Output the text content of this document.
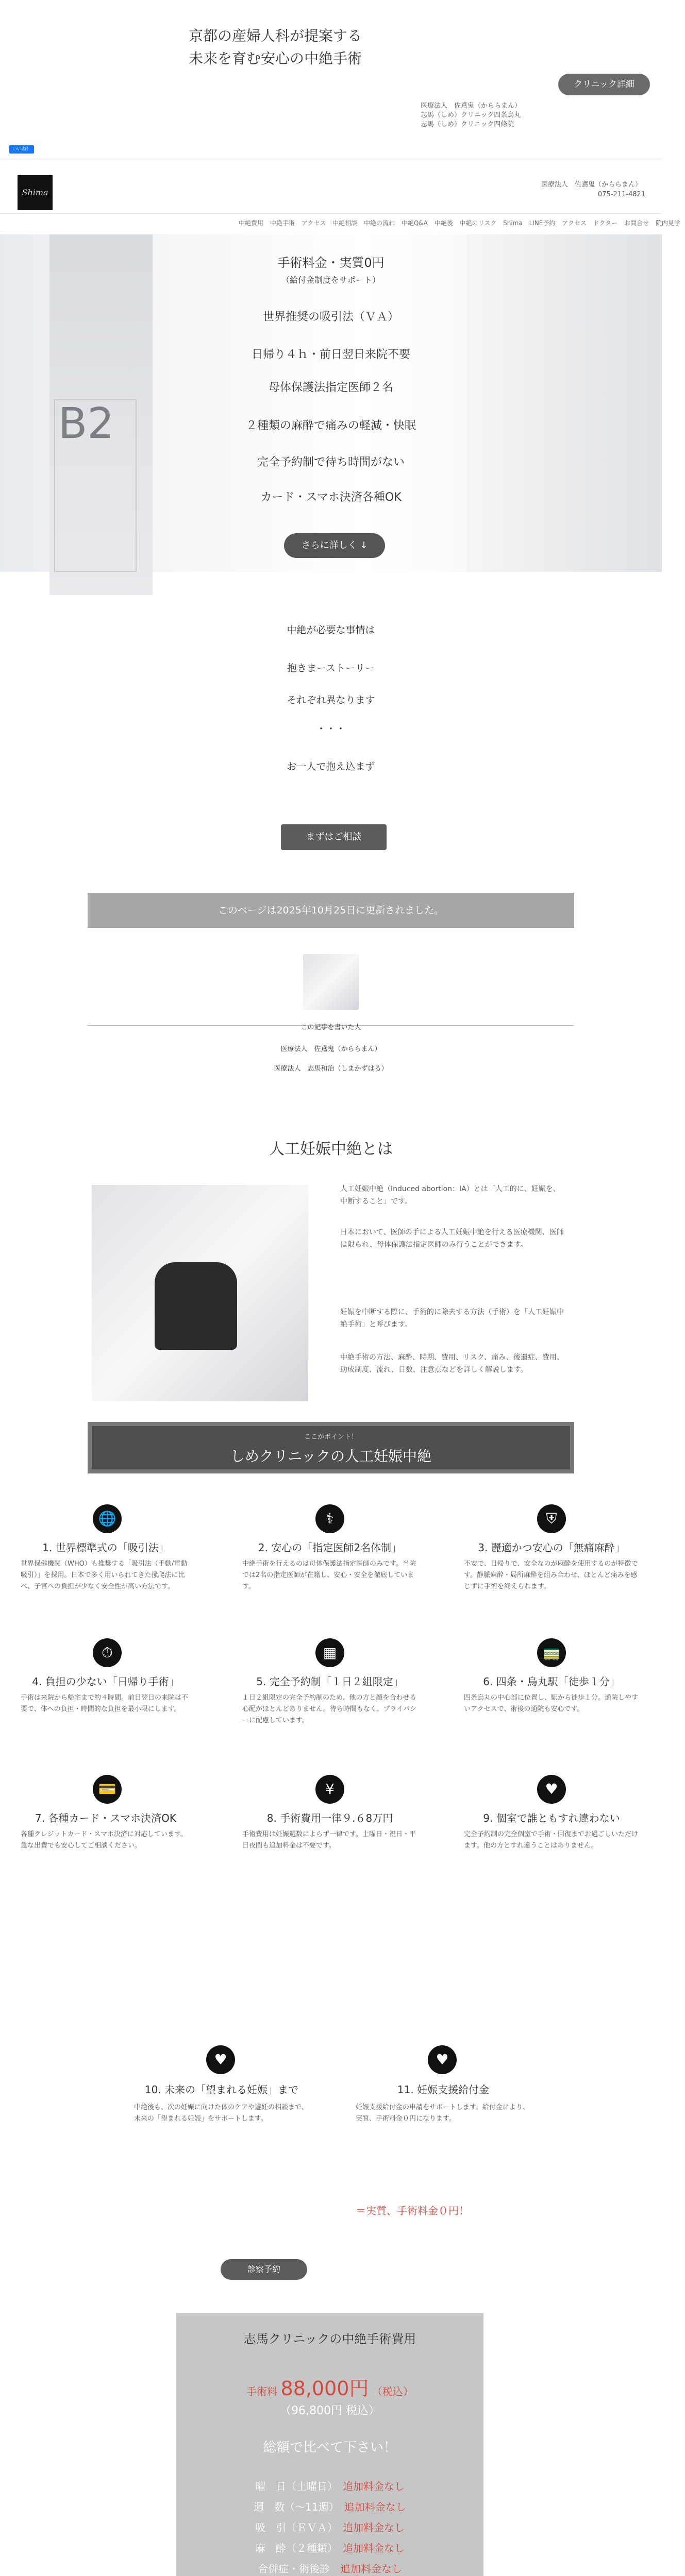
京都の産婦人科が提案する
未来を育む安心の中絶手術
クリニック詳細
医療法人　佐鳶鬼（かららまん）
志馬（しめ）クリニック四条烏丸
志馬（しめ）クリニック四條院
いいね！
Shima
医療法人　佐鳶鬼（かららまん）
075-211-4821
中絶費用 中絶手術 アクセス 中絶相談 中絶の流れ 中絶Q&A 中絶後 中絶のリスク Shima LINE予約 アクセス ドクター お問合せ 院内見学
B2
手術料金・実質0円
（給付金制度をサポート）
世界推奨の吸引法（ＶＡ）
日帰り４ｈ・前日翌日来院不要
母体保護法指定医師２名
２種類の麻酔で痛みの軽減・快眠
完全予約制で待ち時間がない
カード・スマホ決済各種OK
さらに詳しく ↓
中絶が必要な事情は
抱きまーストーリー
それぞれ異なります
・・・
お一人で抱え込まず
まずはご相談
このページは2025年10月25日に更新されました。
この記事を書いた人
医療法人　佐鳶鬼（かららまん）
医療法人　志馬和治（しまかずはる）
人工妊娠中絶とは
人工妊娠中絶（Induced abortion：IA）とは「人工的に、妊娠を、中断すること」です。
日本において、医師の手による人工妊娠中絶を行える医療機関、医師は限られ、母体保護法指定医師のみ行うことができます。
妊娠を中断する際に、手術的に除去する方法（手術）を「人工妊娠中絶手術」と呼びます。
中絶手術の方法、麻酔、時期、費用、リスク、痛み、後遺症、費用、助成制度、流れ、日数、注意点などを詳しく解説します。
ここがポイント！
しめクリニックの人工妊娠中絶
🌐
1. 世界標準式の「吸引法」
世界保健機関（WHO）も推奨する「吸引法（手動/電動吸引）」を採用。日本で多く用いられてきた掻爬法に比べ、子宮への負担が少なく安全性が高い方法です。
⚕
2. 安心の「指定医師2名体制」
中絶手術を行えるのは母体保護法指定医師のみです。当院では2名の指定医師が在籍し、安心・安全を徹底しています。
⛨
3. 麗適かつ安心の「無痛麻酔」
不安で、日帰りで、安全なのが麻酔を使用するのが特徴です。静脈麻酔・局所麻酔を組み合わせ、ほとんど痛みを感じずに手術を終えられます。
⏱
4. 負担の少ない「日帰り手術」
手術は来院から帰宅まで約４時間。前日翌日の来院は不要で、体への負担・時間的な負担を最小限にします。
▦
5. 完全予約制「１日２組限定」
１日２組限定の完全予約制のため、他の方と顔を合わせる心配がほとんどありません。待ち時間もなく、プライバシーに配慮しています。
🚃
6. 四条・烏丸駅「徒歩１分」
四条烏丸の中心部に位置し、駅から徒歩１分。通院しやすいアクセスで、術後の通院も安心です。
💳
7. 各種カード・スマホ決済OK
各種クレジットカード・スマホ決済に対応しています。急な出費でも安心してご相談ください。
¥
8. 手術費用一律９.６8万円
手術費用は妊娠週数によらず一律です。土曜日・祝日・平日夜間も追加料金は不要です。
♥
9. 個室で誰ともすれ違わない
完全予約制の完全個室で手術・回復までお過ごしいただけます。他の方とすれ違うことはありません。
♥
10. 未来の「望まれる妊娠」まで
中絶後も、次の妊娠に向けた体のケアや避妊の相談まで、未来の「望まれる妊娠」をサポートします。
♥
11. 妊娠支援給付金
妊娠支援給付金の申請をサポートします。給付金により、実質、手術料金０円になります。
＝実質、手術料金０円！
診察予約
志馬クリニックの中絶手術費用
手術料 88,000円 （税込）
（96,800円 税込）
総額で比べて下さい！
曜　日（土曜日）　 追加料金なし
週　数（～11週）　 追加料金なし
吸　引（ＥＶＡ）　 追加料金なし
麻　酔（２種類）　 追加料金なし
合併症・術後診　 追加料金なし
